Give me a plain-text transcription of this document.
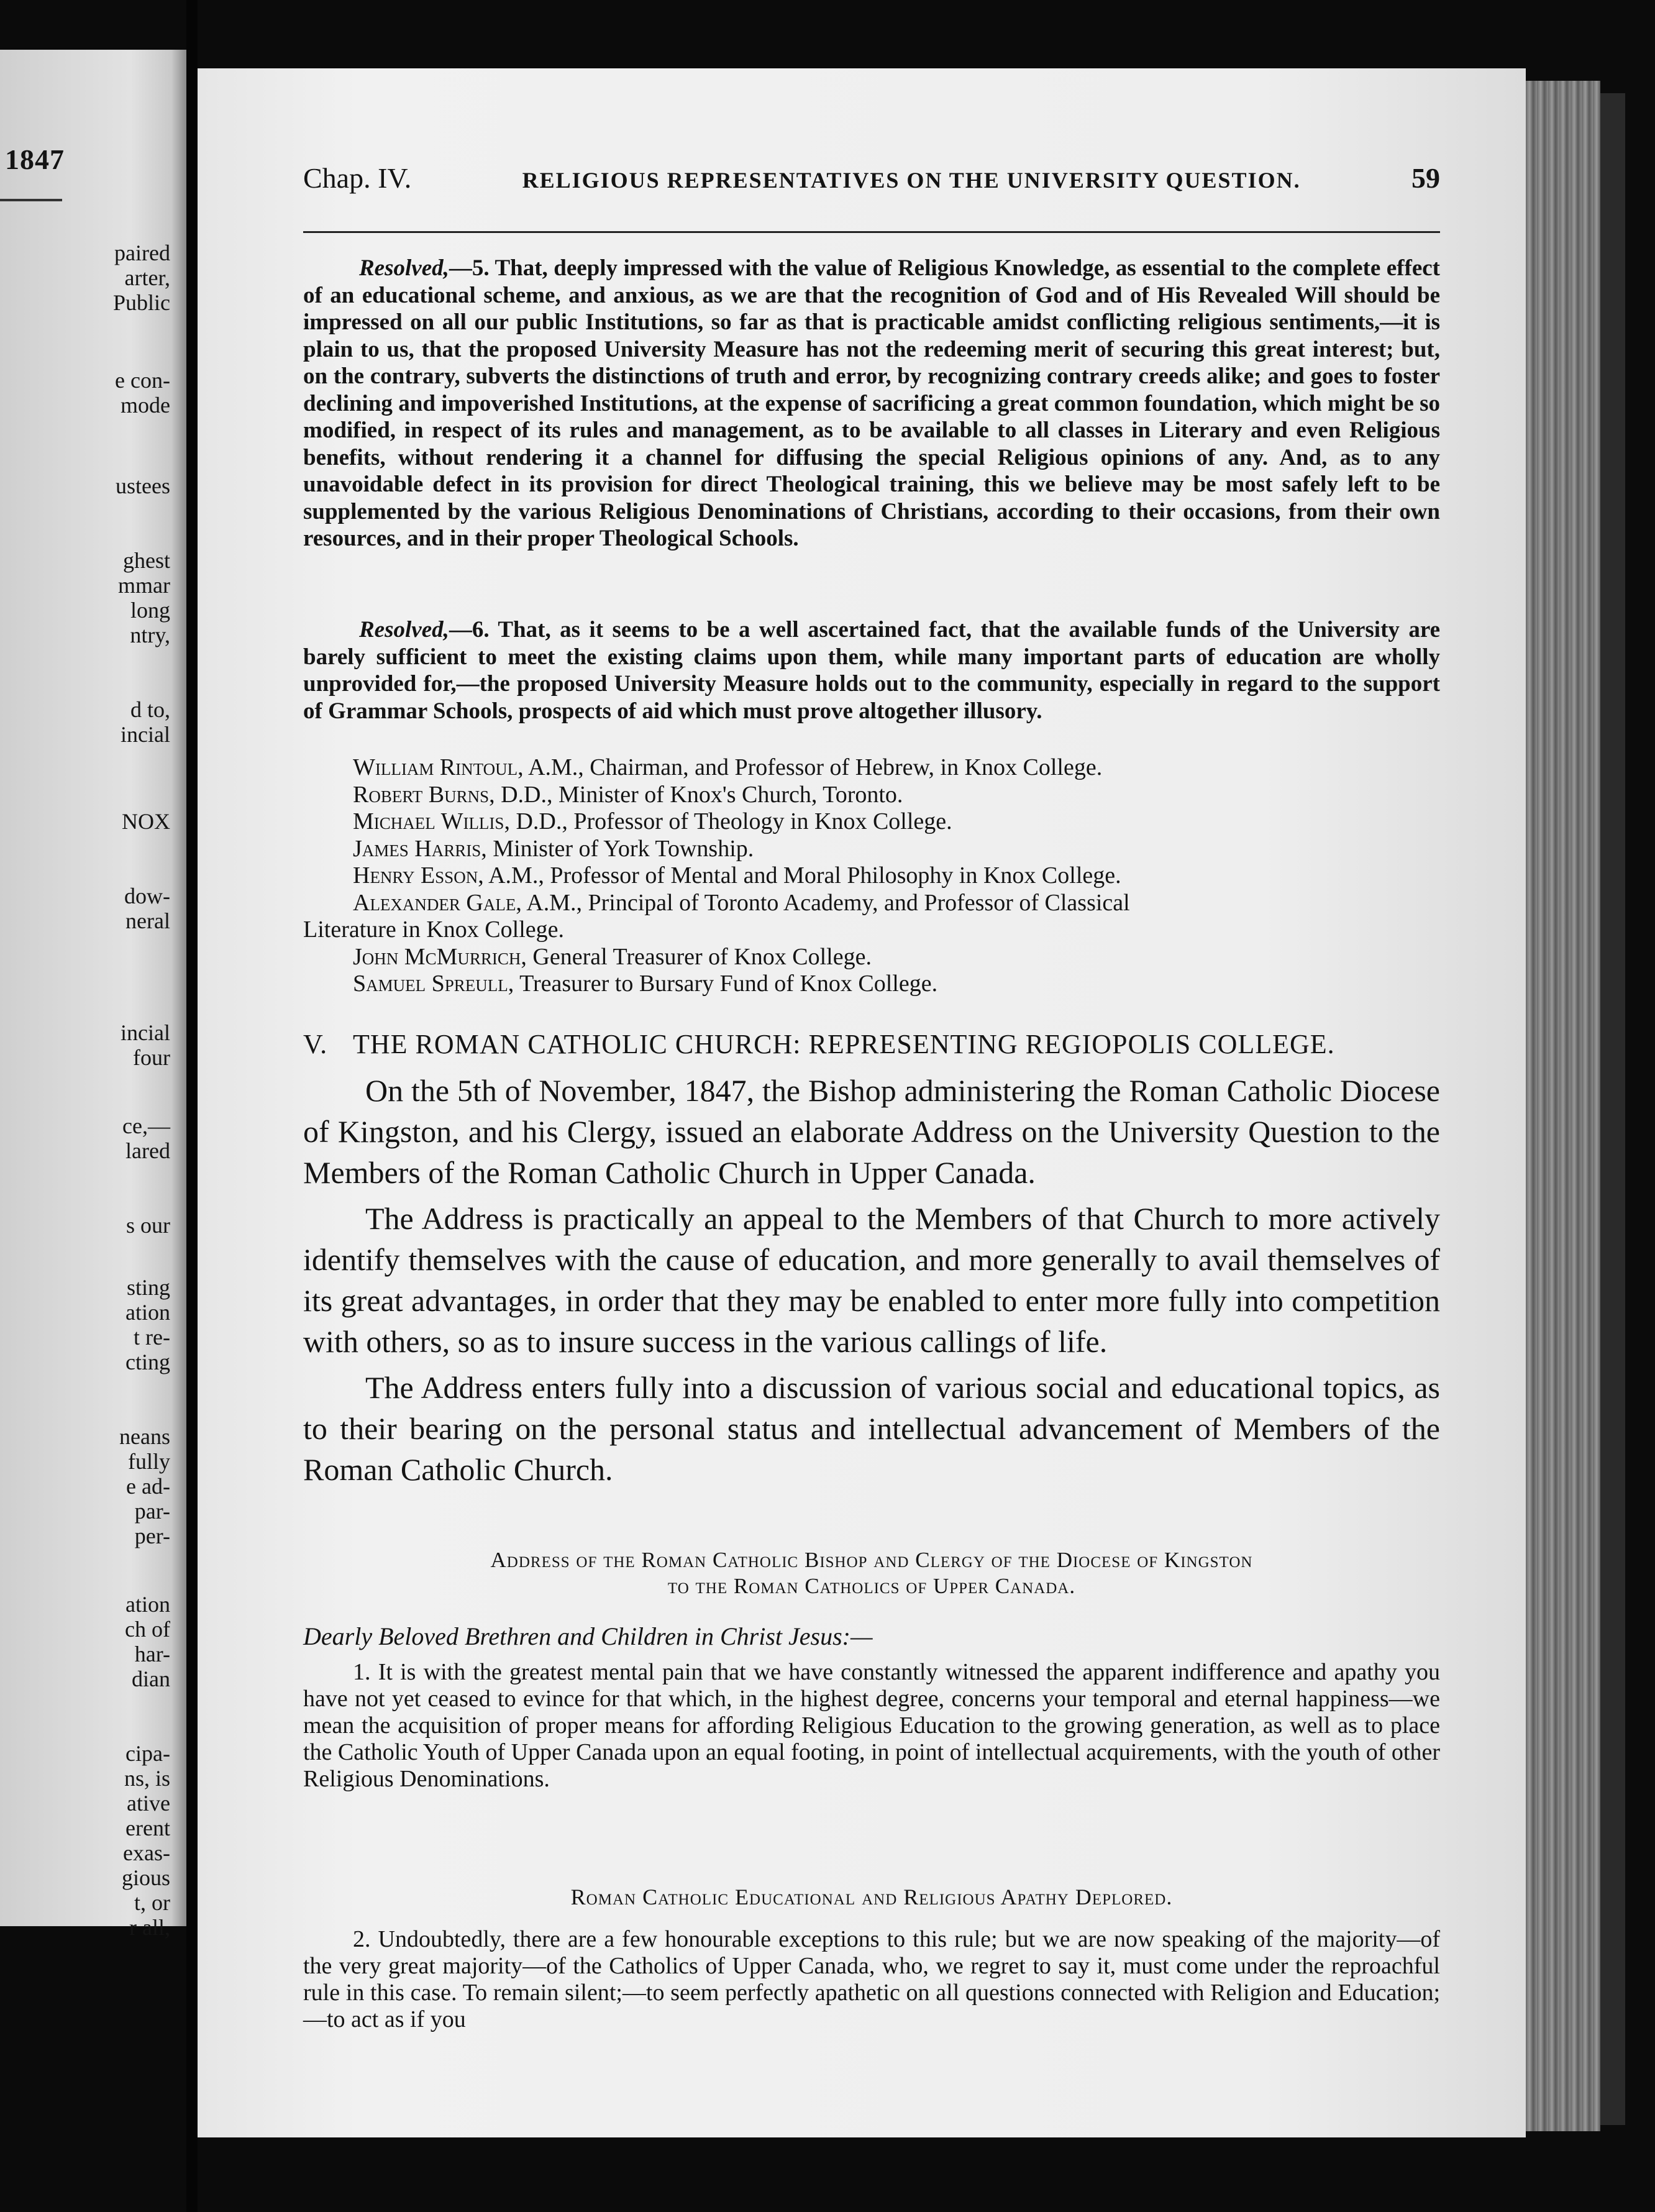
1847
paired
arter,
Public
e con-
mode
ustees
ghest
mmar
long
ntry,
d to,
incial
NOX
dow-
neral
incial
four
ce,—
lared
s our
sting
ation
t re-
cting
neans
fully
e ad-
par-
per-
ation
ch of
har-
dian
cipa-
ns, is
ative
erent
exas-
gious
t, or
r all,
Chap. IV.	RELIGIOUS REPRESENTATIVES ON THE UNIVERSITY QUESTION.	59

Resolved,—5. That, deeply impressed with the value of Religious Knowledge, as essential to the complete effect of an educational scheme, and anxious, as we are that the recognition of God and of His Revealed Will should be impressed on all our public Institutions, so far as that is practicable amidst conflicting religious sentiments,—it is plain to us, that the proposed University Measure has not the redeeming merit of securing this great interest; but, on the contrary, subverts the distinctions of truth and error, by recognizing contrary creeds alike; and goes to foster declining and impoverished Institutions, at the expense of sacrificing a great common foundation, which might be so modified, in respect of its rules and management, as to be available to all classes in Literary and even Religious benefits, without rendering it a channel for diffusing the special Religious opinions of any. And, as to any unavoidable defect in its provision for direct Theological training, this we believe may be most safely left to be supplemented by the various Religious Denominations of Christians, according to their occasions, from their own resources, and in their proper Theological Schools.

Resolved,—6. That, as it seems to be a well ascertained fact, that the available funds of the University are barely sufficient to meet the existing claims upon them, while many important parts of education are wholly unprovided for,—the proposed University Measure holds out to the community, especially in regard to the support of Grammar Schools, prospects of aid which must prove altogether illusory.

William Rintoul, A.M., Chairman, and Professor of Hebrew, in Knox College.
Robert Burns, D.D., Minister of Knox's Church, Toronto.
Michael Willis, D.D., Professor of Theology in Knox College.
James Harris, Minister of York Township.
Henry Esson, A.M., Professor of Mental and Moral Philosophy in Knox College.
Alexander Gale, A.M., Principal of Toronto Academy, and Professor of Classical
Literature in Knox College.
John McMurrich, General Treasurer of Knox College.
Samuel Spreull, Treasurer to Bursary Fund of Knox College.
V. THE ROMAN CATHOLIC CHURCH: REPRESENTING REGIOPOLIS COLLEGE.

On the 5th of November, 1847, the Bishop administering the Roman Catholic Diocese of Kingston, and his Clergy, issued an elaborate Address on the University Question to the Members of the Roman Catholic Church in Upper Canada.

The Address is practically an appeal to the Members of that Church to more actively identify themselves with the cause of education, and more generally to avail themselves of its great advantages, in order that they may be enabled to enter more fully into competition with others, so as to insure success in the various callings of life.

The Address enters fully into a discussion of various social and educational topics, as to their bearing on the personal status and intellectual advancement of Members of the Roman Catholic Church.

Address of the Roman Catholic Bishop and Clergy of the Diocese of Kingston
to the Roman Catholics of Upper Canada.
Dearly Beloved Brethren and Children in Christ Jesus:—

1. It is with the greatest mental pain that we have constantly witnessed the apparent indifference and apathy you have not yet ceased to evince for that which, in the highest degree, concerns your temporal and eternal happiness—we mean the acquisition of proper means for affording Religious Education to the growing generation, as well as to place the Catholic Youth of Upper Canada upon an equal footing, in point of intellectual acquirements, with the youth of other Religious Denominations.

Roman Catholic Educational and Religious Apathy Deplored.

2. Undoubtedly, there are a few honourable exceptions to this rule; but we are now speaking of the majority—of the very great majority—of the Catholics of Upper Canada, who, we regret to say it, must come under the reproachful rule in this case. To remain silent;—to seem perfectly apathetic on all questions connected with Religion and Education;—to act as if you
